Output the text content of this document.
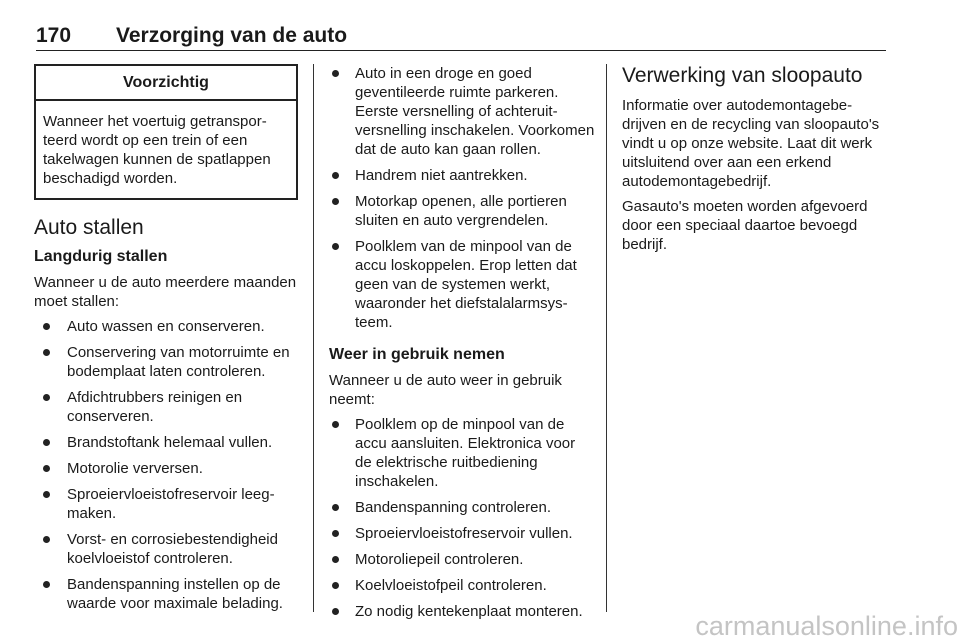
170 Verzorging van de auto
Voorzichtig
Wanneer het voertuig getransporteerd wordt op een trein of een takelwagen kunnen de spatlappen beschadigd worden.
Auto stallen
Langdurig stallen

Wanneer u de auto meerdere maanden moet stallen:

Auto wassen en conserveren.
Conservering van motorruimte en bodemplaat laten controleren.
Afdichtrubbers reinigen en conserveren.
Brandstoftank helemaal vullen.
Motorolie verversen.
Sproeiervloeistofreservoir leegmaken.
Vorst- en corrosiebestendigheid koelvloeistof controleren.
Bandenspanning instellen op de waarde voor maximale belading.
Auto in een droge en goed geventileerde ruimte parkeren. Eerste versnelling of achteruitversnelling inschakelen. Voorkomen dat de auto kan gaan rollen.
Handrem niet aantrekken.
Motorkap openen, alle portieren sluiten en auto vergrendelen.
Poolklem van de minpool van de accu loskoppelen. Erop letten dat geen van de systemen werkt, waaronder het diefstalalarmsysteem.
Weer in gebruik nemen

Wanneer u de auto weer in gebruik neemt:

Poolklem op de minpool van de accu aansluiten. Elektronica voor de elektrische ruitbediening inschakelen.
Bandenspanning controleren.
Sproeiervloeistofreservoir vullen.
Motoroliepeil controleren.
Koelvloeistofpeil controleren.
Zo nodig kentekenplaat monteren.
Verwerking van sloopauto

Informatie over autodemontagebedrijven en de recycling van sloopauto's vindt u op onze website. Laat dit werk uitsluitend over aan een erkend autodemontagebedrijf.

Gasauto's moeten worden afgevoerd door een speciaal daartoe bevoegd bedrijf.

carmanualsonline.info
